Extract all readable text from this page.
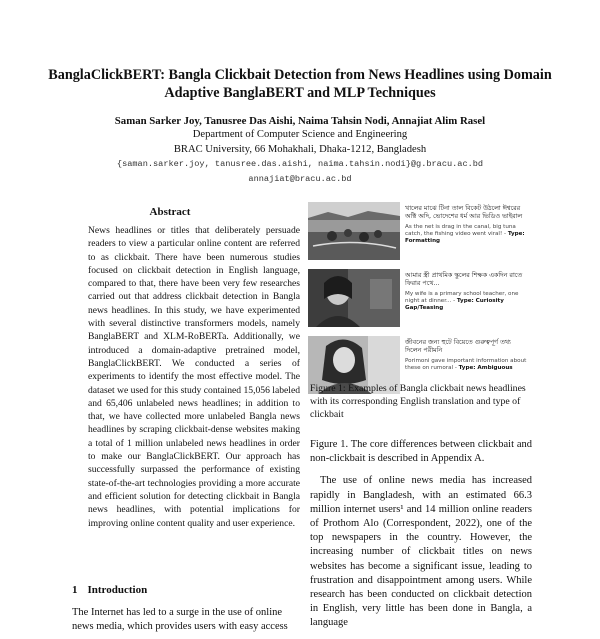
BanglaClickBERT: Bangla Clickbait Detection from News Headlines using Domain Adaptive BanglaBERT and MLP Techniques
Saman Sarker Joy, Tanusree Das Aishi, Naima Tahsin Nodi, Annajiat Alim Rasel
Department of Computer Science and Engineering
BRAC University, 66 Mohakhali, Dhaka-1212, Bangladesh
{saman.sarker.joy, tanusree.das.aishi, naima.tahsin.nodi}@g.bracu.ac.bd
annajiat@bracu.ac.bd
Abstract
News headlines or titles that deliberately persuade readers to view a particular online content are referred to as clickbait. There have been numerous studies focused on clickbait detection in English language, compared to that, there have been very few researches carried out that address clickbait detection in Bangla news headlines. In this study, we have experimented with several distinctive transformers models, namely BanglaBERT and XLM-RoBERTa. Additionally, we introduced a domain-adaptive pretrained model, BanglaClickBERT. We conducted a series of experiments to identify the most effective model. The dataset we used for this study contained 15,056 labeled and 65,406 unlabeled news headlines; in addition to that, we have collected more unlabeled Bangla news headlines by scraping clickbait-dense websites making a total of 1 million unlabeled news headlines in order to make our BanglaClickBERT. Our approach has successfully surpassed the performance of existing state-of-the-art technologies providing a more accurate and efficient solution for detecting clickbait in Bangla news headlines, with potential implications for improving online content quality and user experience.
1 Introduction
The Internet has led to a surge in the use of online news media, which provides users with easy access
খালের মাঝে টিনা তাল বিকেট উঠলো ঈশ্বরের অক্টি অদি, ভোদেশের ধর্ম আর ভিডিও ভাইরাল
As the net is drag in the canal, big tuna catch, the fishing video went viral! - Type: Formatting
আমার স্ত্রী প্রাথমিক স্কুলের শিক্ষক একদিন রাতে ফিরার পথে...
My wife is a primary school teacher, one night at dinner... - Type: Curiosity Gap/Teasing
জীবনের জন্য হুটে বিয়েতে গুরুত্বপূর্ণ তথ্য দিলেন পরীমনি
Porimoni gave important information about these on rumoral - Type: Ambiguous
Figure 1: Examples of Bangla clickbait news headlines with its corresponding English translation and type of clickbait

Figure 1. The core differences between clickbait and non-clickbait is described in Appendix A.

The use of online news media has increased rapidly in Bangladesh, with an estimated 66.3 million internet users¹ and 14 million online readers of Prothom Alo (Correspondent, 2022), one of the top newspapers in the country. However, the increasing number of clickbait titles on news websites has become a significant issue, leading to frustration and disappointment among users. While research has been conducted on clickbait detection in English, very little has been done in Bangla, a language
